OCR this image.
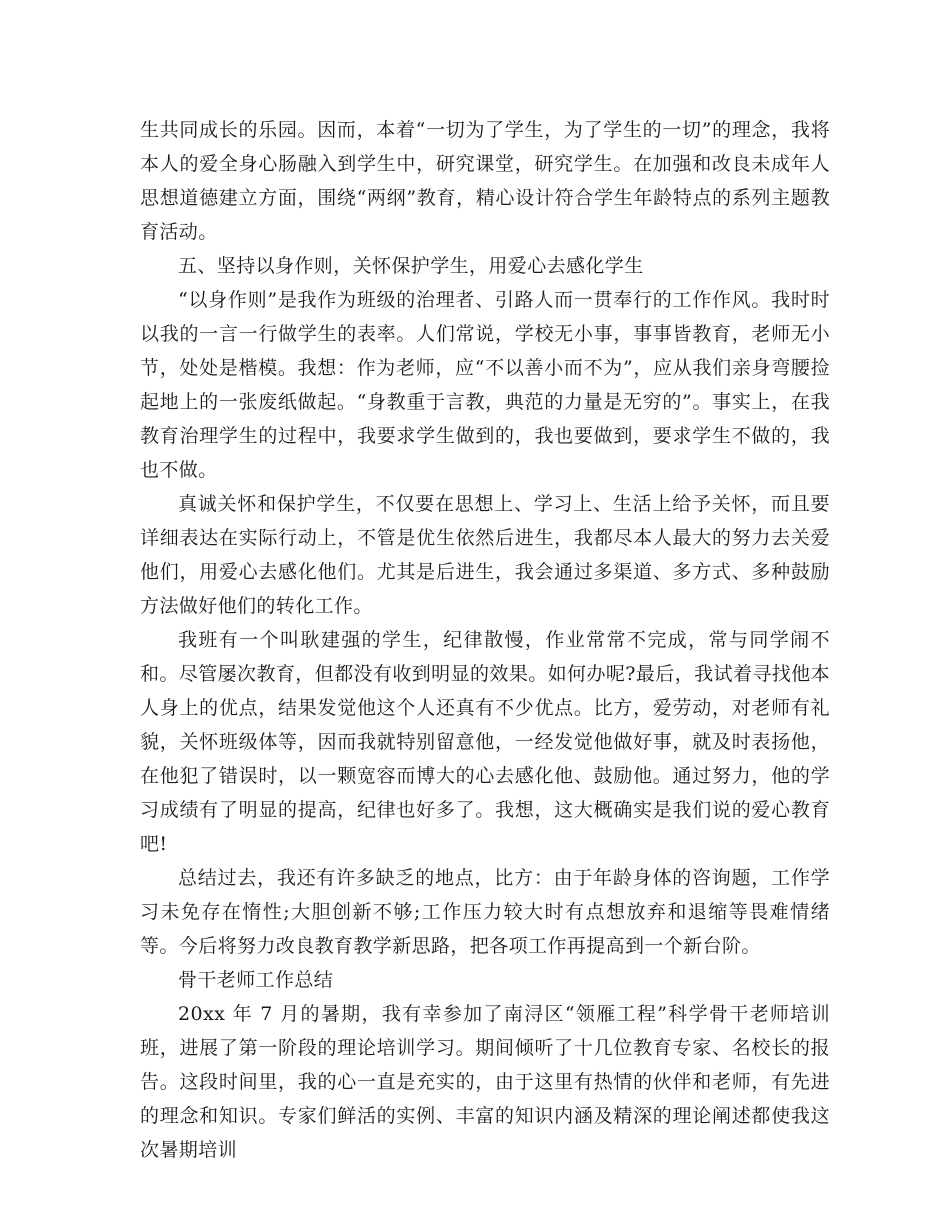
生共同成长的乐园。因而，本着“一切为了学生，为了学生的一切”的理念，我将本人的爱全身心肠融入到学生中，研究课堂，研究学生。在加强和改良未成年人思想道德建立方面，围绕“两纲”教育，精心设计符合学生年龄特点的系列主题教育活动。

五、坚持以身作则，关怀保护学生，用爱心去感化学生

“以身作则”是我作为班级的治理者、引路人而一贯奉行的工作作风。我时时以我的一言一行做学生的表率。人们常说，学校无小事，事事皆教育，老师无小节，处处是楷模。我想：作为老师，应“不以善小而不为”，应从我们亲身弯腰捡起地上的一张废纸做起。“身教重于言教，典范的力量是无穷的”。事实上，在我教育治理学生的过程中，我要求学生做到的，我也要做到，要求学生不做的，我也不做。

真诚关怀和保护学生，不仅要在思想上、学习上、生活上给予关怀，而且要详细表达在实际行动上，不管是优生依然后进生，我都尽本人最大的努力去关爱他们，用爱心去感化他们。尤其是后进生，我会通过多渠道、多方式、多种鼓励方法做好他们的转化工作。

我班有一个叫耿建强的学生，纪律散慢，作业常常不完成，常与同学闹不和。尽管屡次教育，但都没有收到明显的效果。如何办呢?最后，我试着寻找他本人身上的优点，结果发觉他这个人还真有不少优点。比方，爱劳动，对老师有礼貌，关怀班级体等，因而我就特别留意他，一经发觉他做好事，就及时表扬他，在他犯了错误时，以一颗宽容而博大的心去感化他、鼓励他。通过努力，他的学习成绩有了明显的提高，纪律也好多了。我想，这大概确实是我们说的爱心教育吧!

总结过去，我还有许多缺乏的地点，比方：由于年龄身体的咨询题，工作学习未免存在惰性;大胆创新不够;工作压力较大时有点想放弃和退缩等畏难情绪等。今后将努力改良教育教学新思路，把各项工作再提高到一个新台阶。

骨干老师工作总结

20xx 年 7 月的暑期，我有幸参加了南浔区“领雁工程”科学骨干老师培训班，进展了第一阶段的理论培训学习。期间倾听了十几位教育专家、名校长的报告。这段时间里，我的心一直是充实的，由于这里有热情的伙伴和老师，有先进的理念和知识。专家们鲜活的实例、丰富的知识内涵及精深的理论阐述都使我这次暑期培训
